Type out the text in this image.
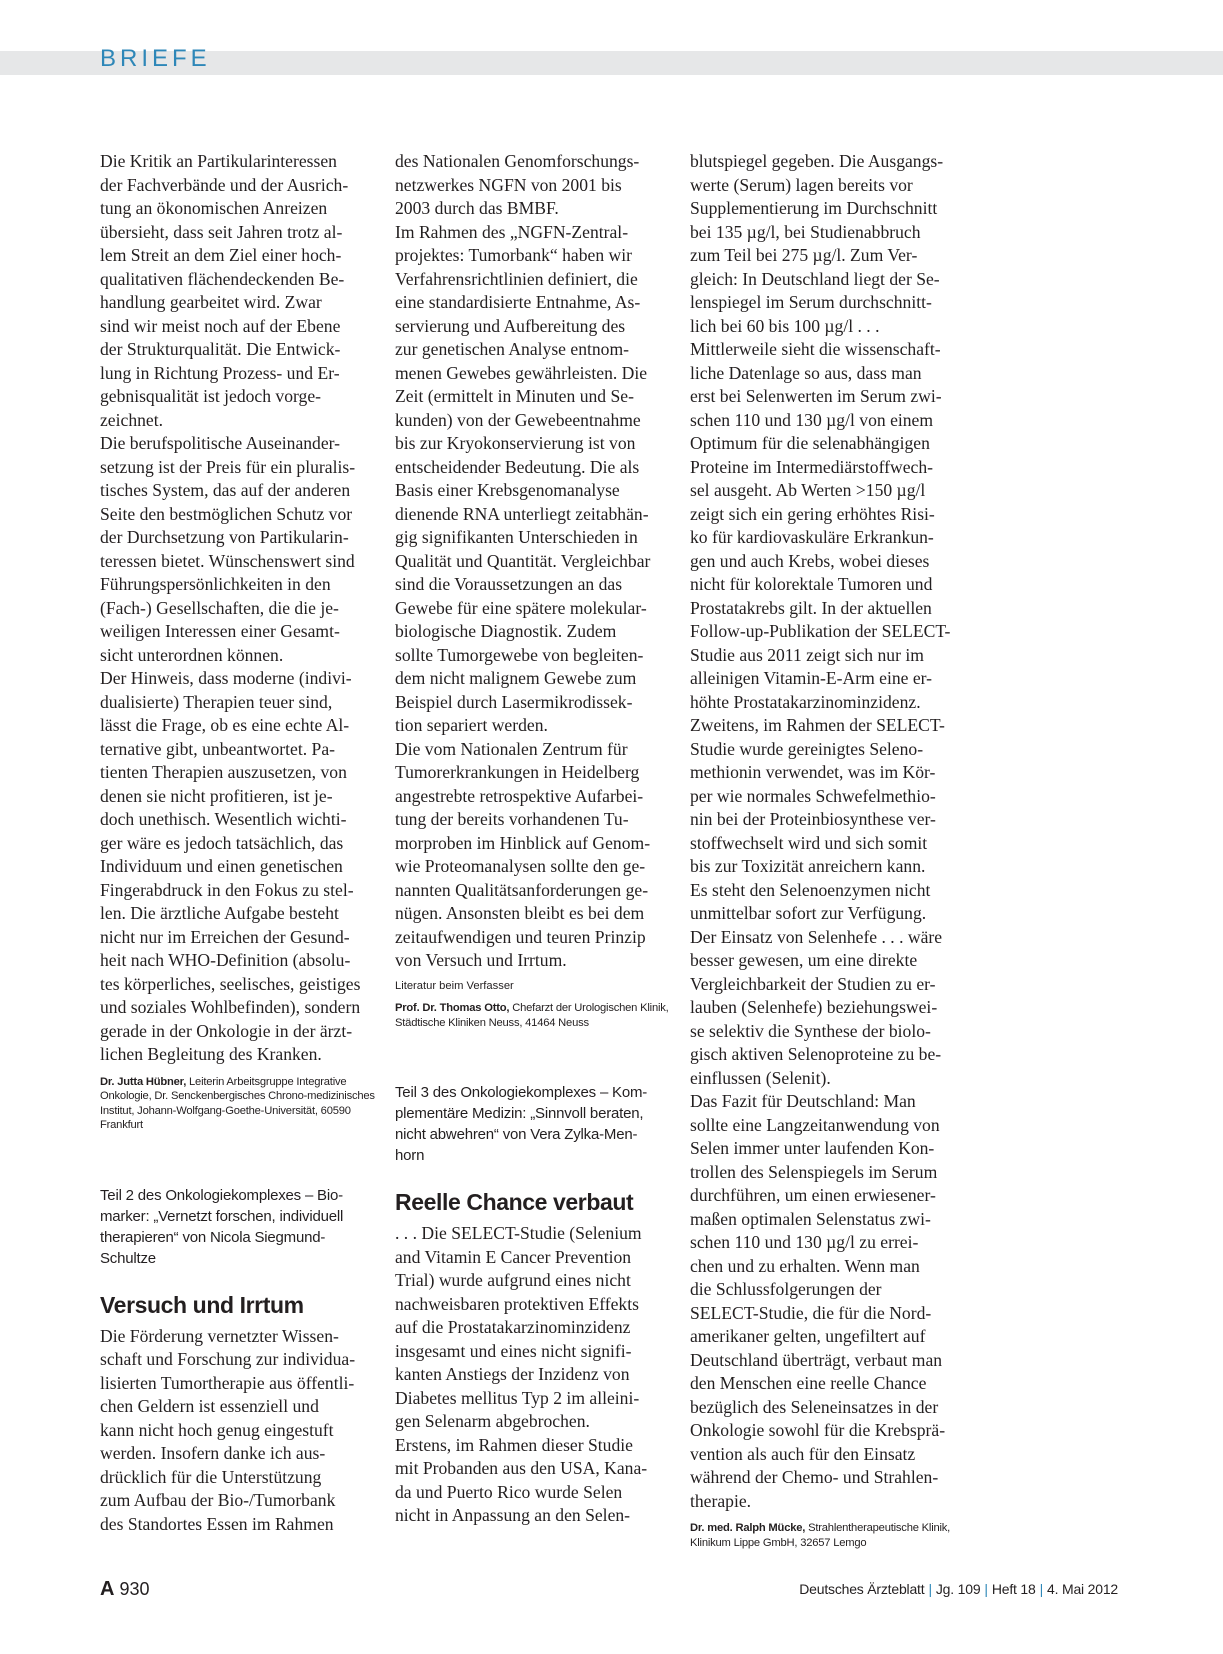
BRIEFE

Die Kritik an Partikularinteressen
der Fachverbände und der Ausrich-
tung an ökonomischen Anreizen
übersieht, dass seit Jahren trotz al-
lem Streit an dem Ziel einer hoch-
qualitativen flächendeckenden Be-
handlung gearbeitet wird. Zwar
sind wir meist noch auf der Ebene
der Strukturqualität. Die Entwick-
lung in Richtung Prozess- und Er-
gebnisqualität ist jedoch vorge-
zeichnet.
Die berufspolitische Auseinander-
setzung ist der Preis für ein pluralis-
tisches System, das auf der anderen
Seite den bestmöglichen Schutz vor
der Durchsetzung von Partikularin-
teressen bietet. Wünschenswert sind
Führungspersönlichkeiten in den
(Fach-) Gesellschaften, die die je-
weiligen Interessen einer Gesamt-
sicht unterordnen können.
Der Hinweis, dass moderne (indivi-
dualisierte) Therapien teuer sind,
lässt die Frage, ob es eine echte Al-
ternative gibt, unbeantwortet. Pa-
tienten Therapien auszusetzen, von
denen sie nicht profitieren, ist je-
doch unethisch. Wesentlich wichti-
ger wäre es jedoch tatsächlich, das
Individuum und einen genetischen
Fingerabdruck in den Fokus zu stel-
len. Die ärztliche Aufgabe besteht
nicht nur im Erreichen der Gesund-
heit nach WHO-Definition (absolu-
tes körperliches, seelisches, geistiges
und soziales Wohlbefinden), sondern
gerade in der Onkologie in der ärzt-
lichen Begleitung des Kranken.

Dr. Jutta Hübner, Leiterin Arbeitsgruppe Integrative Onkologie, Dr. Senckenbergisches Chrono-medizinisches Institut, Johann-Wolfgang-Goethe-Universität, 60590 Frankfurt

Teil 2 des Onkologiekomplexes – Bio-
marker: „Vernetzt forschen, individuell
therapieren“ von Nicola Siegmund-
Schultze

Versuch und Irrtum

Die Förderung vernetzter Wissen-
schaft und Forschung zur individua-
lisierten Tumortherapie aus öffentli-
chen Geldern ist essenziell und
kann nicht hoch genug eingestuft
werden. Insofern danke ich aus-
drücklich für die Unterstützung
zum Aufbau der Bio-/Tumorbank
des Standortes Essen im Rahmen

des Nationalen Genomforschungs-
netzwerkes NGFN von 2001 bis
2003 durch das BMBF.
Im Rahmen des „NGFN-Zentral-
projektes: Tumorbank“ haben wir
Verfahrensrichtlinien definiert, die
eine standardisierte Entnahme, As-
servierung und Aufbereitung des
zur genetischen Analyse entnom-
menen Gewebes gewährleisten. Die
Zeit (ermittelt in Minuten und Se-
kunden) von der Gewebeentnahme
bis zur Kryokonservierung ist von
entscheidender Bedeutung. Die als
Basis einer Krebsgenomanalyse
dienende RNA unterliegt zeitabhän-
gig signifikanten Unterschieden in
Qualität und Quantität. Vergleichbar
sind die Voraussetzungen an das
Gewebe für eine spätere molekular-
biologische Diagnostik. Zudem
sollte Tumorgewebe von begleiten-
dem nicht malignem Gewebe zum
Beispiel durch Lasermikrodissek-
tion separiert werden.
Die vom Nationalen Zentrum für
Tumorerkrankungen in Heidelberg
angestrebte retrospektive Aufarbei-
tung der bereits vorhandenen Tu-
morproben im Hinblick auf Genom-
wie Proteomanalysen sollte den ge-
nannten Qualitätsanforderungen ge-
nügen. Ansonsten bleibt es bei dem
zeitaufwendigen und teuren Prinzip
von Versuch und Irrtum.

Literatur beim Verfasser

Prof. Dr. Thomas Otto, Chefarzt der Urologischen Klinik, Städtische Kliniken Neuss, 41464 Neuss

Teil 3 des Onkologiekomplexes – Kom-
plementäre Medizin: „Sinnvoll beraten,
nicht abwehren“ von Vera Zylka-Men-
horn

Reelle Chance verbaut

. . . Die SELECT-Studie (Selenium
and Vitamin E Cancer Prevention
Trial) wurde aufgrund eines nicht
nachweisbaren protektiven Effekts
auf die Prostatakarzinominzidenz
insgesamt und eines nicht signifi-
kanten Anstiegs der Inzidenz von
Diabetes mellitus Typ 2 im alleini-
gen Selenarm abgebrochen.
Erstens, im Rahmen dieser Studie
mit Probanden aus den USA, Kana-
da und Puerto Rico wurde Selen
nicht in Anpassung an den Selen-

blutspiegel gegeben. Die Ausgangs-
werte (Serum) lagen bereits vor
Supplementierung im Durchschnitt
bei 135 µg/l, bei Studienabbruch
zum Teil bei 275 µg/l. Zum Ver-
gleich: In Deutschland liegt der Se-
lenspiegel im Serum durchschnitt-
lich bei 60 bis 100 µg/l . . .
Mittlerweile sieht die wissenschaft-
liche Datenlage so aus, dass man
erst bei Selenwerten im Serum zwi-
schen 110 und 130 µg/l von einem
Optimum für die selenabhängigen
Proteine im Intermediärstoffwech-
sel ausgeht. Ab Werten >150 µg/l
zeigt sich ein gering erhöhtes Risi-
ko für kardiovaskuläre Erkrankun-
gen und auch Krebs, wobei dieses
nicht für kolorektale Tumoren und
Prostatakrebs gilt. In der aktuellen
Follow-up-Publikation der SELECT-
Studie aus 2011 zeigt sich nur im
alleinigen Vitamin-E-Arm eine er-
höhte Prostatakarzinominzidenz.
Zweitens, im Rahmen der SELECT-
Studie wurde gereinigtes Seleno-
methionin verwendet, was im Kör-
per wie normales Schwefelmethio-
nin bei der Proteinbiosynthese ver-
stoffwechselt wird und sich somit
bis zur Toxizität anreichern kann.
Es steht den Selenoenzymen nicht
unmittelbar sofort zur Verfügung.
Der Einsatz von Selenhefe . . . wäre
besser gewesen, um eine direkte
Vergleichbarkeit der Studien zu er-
lauben (Selenhefe) beziehungswei-
se selektiv die Synthese der biolo-
gisch aktiven Selenoproteine zu be-
einflussen (Selenit).
Das Fazit für Deutschland: Man
sollte eine Langzeitanwendung von
Selen immer unter laufenden Kon-
trollen des Selenspiegels im Serum
durchführen, um einen erwiesener-
maßen optimalen Selenstatus zwi-
schen 110 und 130 µg/l zu errei-
chen und zu erhalten. Wenn man
die Schlussfolgerungen der
SELECT-Studie, die für die Nord-
amerikaner gelten, ungefiltert auf
Deutschland überträgt, verbaut man
den Menschen eine reelle Chance
bezüglich des Seleneinsatzes in der
Onkologie sowohl für die Krebsprä-
vention als auch für den Einsatz
während der Chemo- und Strahlen-
therapie.

Dr. med. Ralph Mücke, Strahlentherapeutische Klinik, Klinikum Lippe GmbH, 32657 Lemgo

A 930	Deutsches Ärzteblatt | Jg. 109 | Heft 18 | 4. Mai 2012
